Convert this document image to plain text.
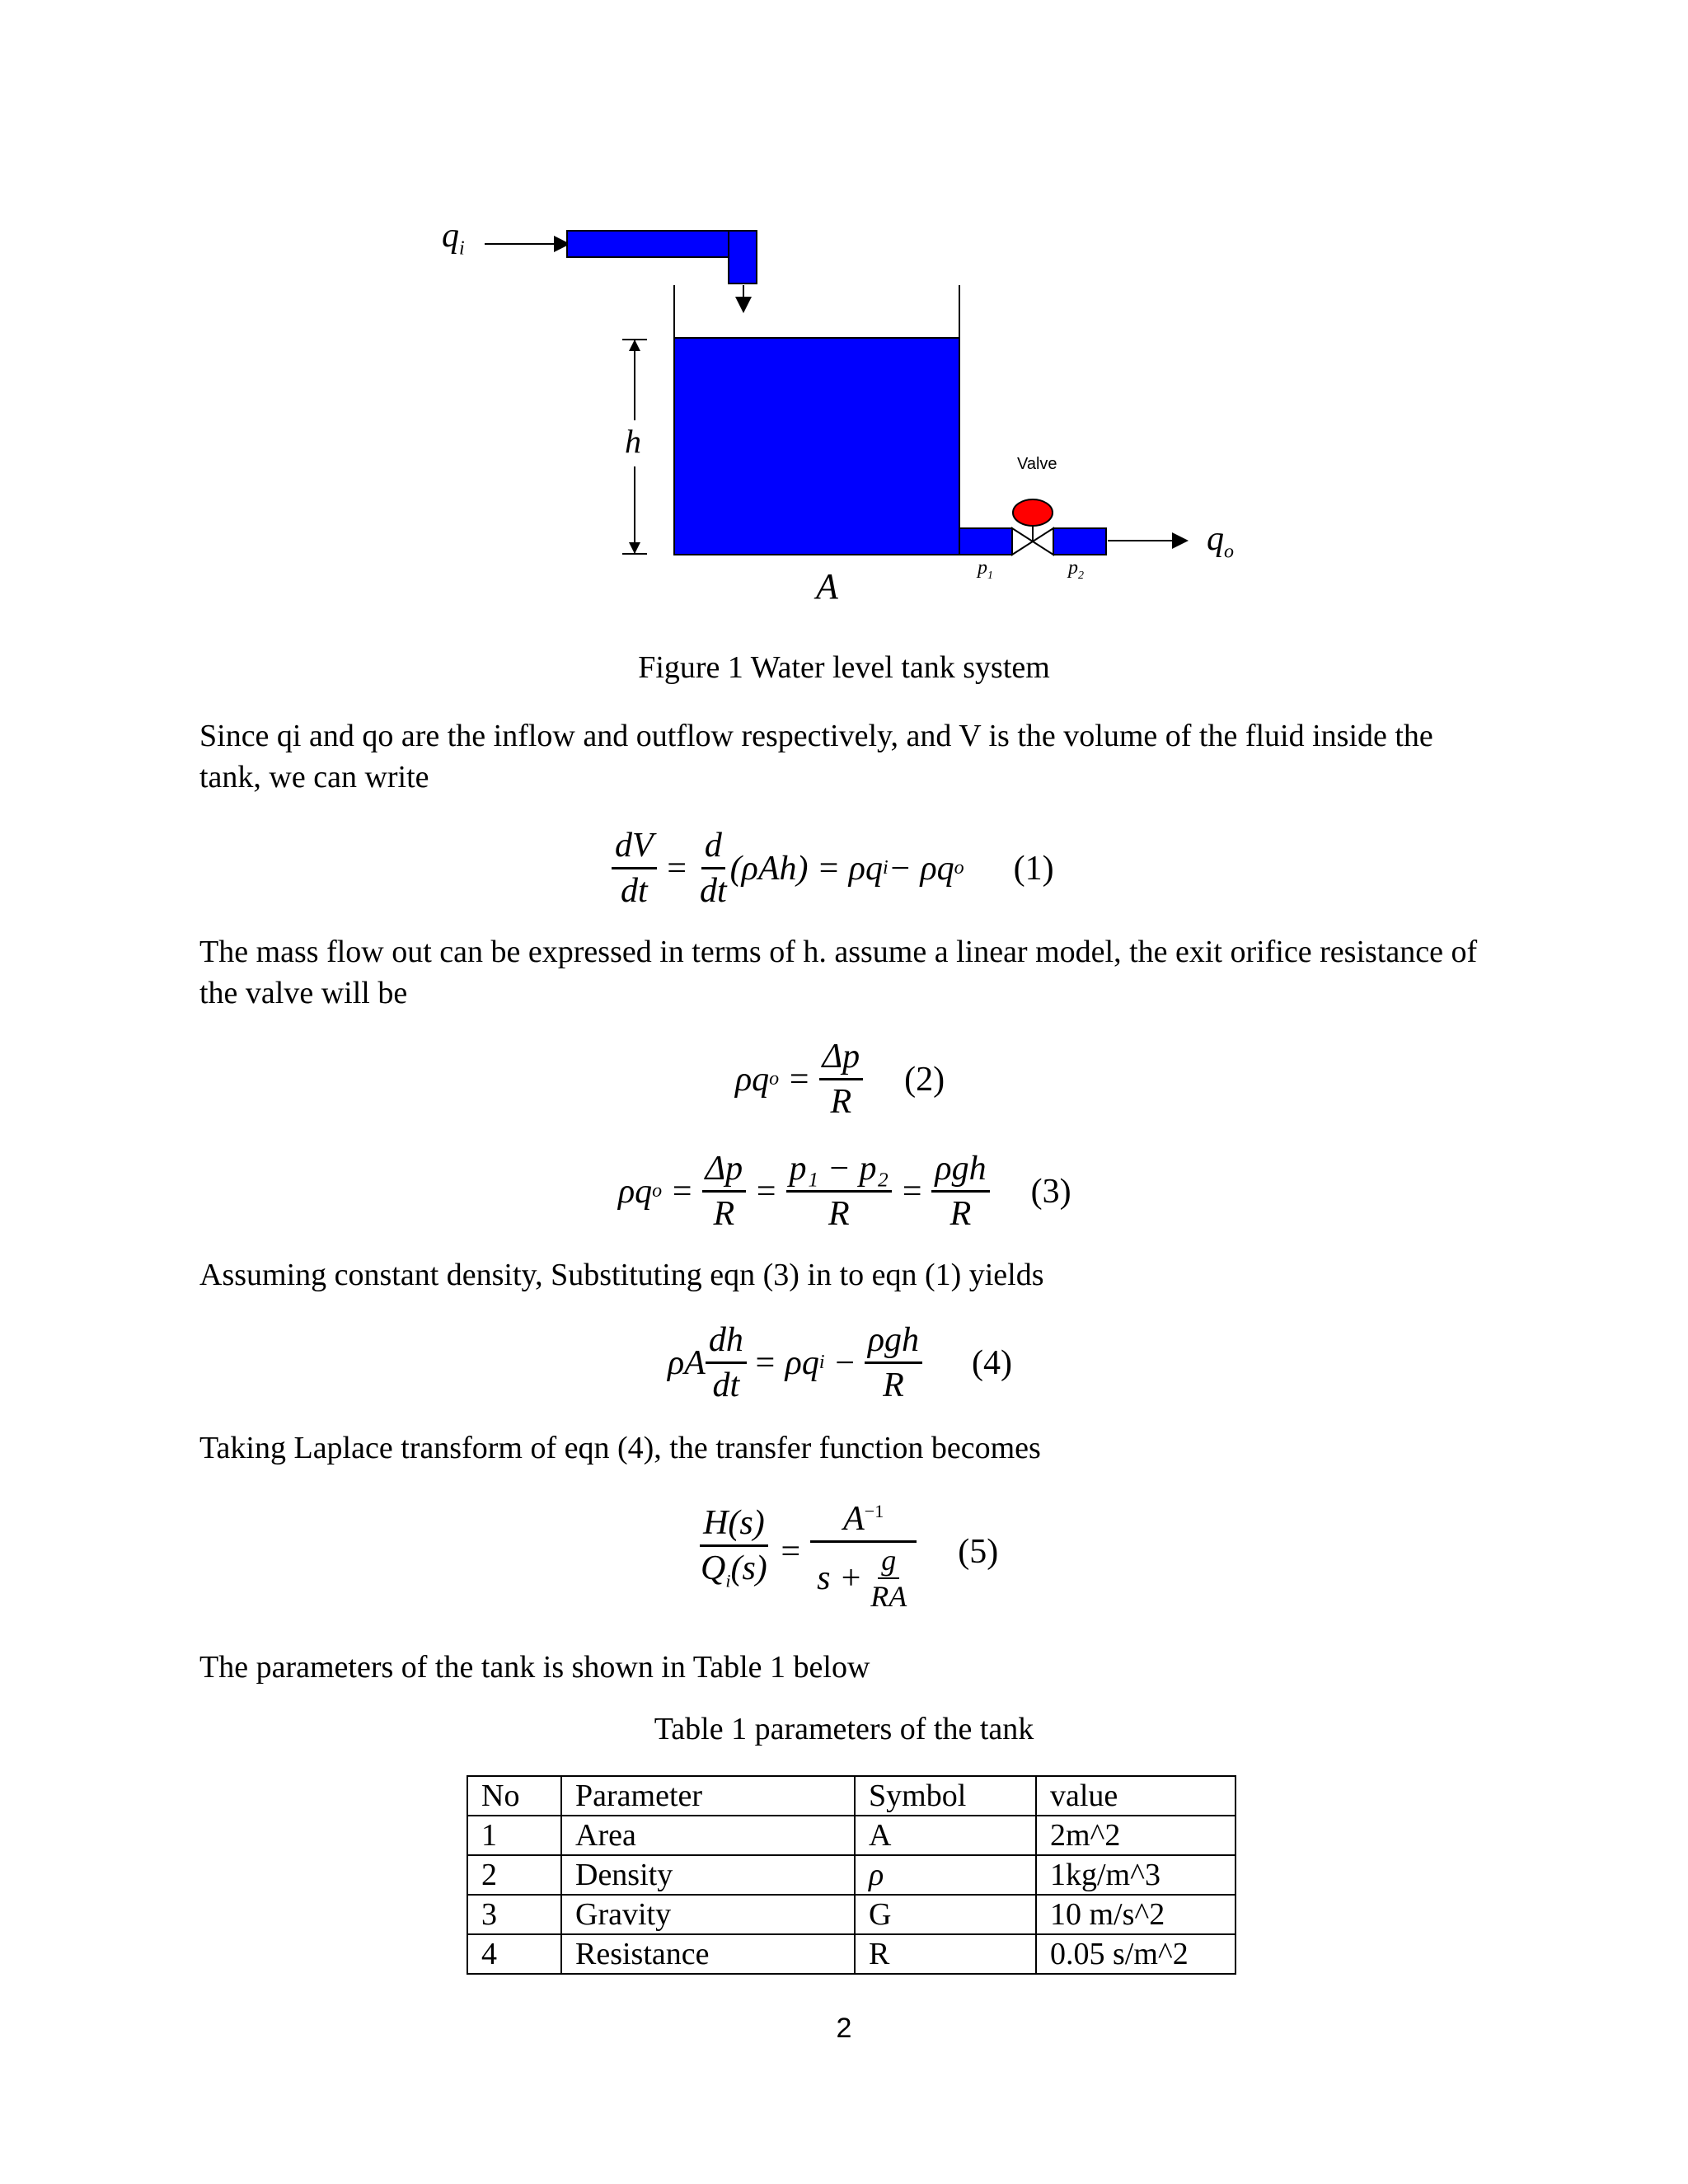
$q_i$
h
Valve
$q_o$
$p_1$	$p_2$
A
Figure 1 Water level tank system
Since qi and qo are the inflow and outflow respectively, and V is the volume of the fluid inside the tank, we can write
$\frac{dV}{dt} = \frac{d}{dt} (\rho Ah) = \rho q$ i − ρq o (1)
The mass flow out can be expressed in terms of h. assume a linear model, the exit orifice resistance of the valve will be
ρq $o = \frac{\Delta p}{R} (2)$
ρq $o = \frac{\Delta p}{R} = \frac{\text{p₁ − p₂}}{R} = \frac{\text{ρgh}}{R} (3)$
Assuming constant density, Substituting eqn (3) in to eqn (1) yields
ρA $\frac{dh}{dt} = \rho q$ $i - \frac{\text{ρgh}}{R} (4)$
Taking Laplace transform of eqn (4), the transfer function becomes
$\frac{H(s)}{Q_i(s)} = \frac{A^{-1}}{s + \frac{g}{RA}} (5)$
The parameters of the tank is shown in Table 1 below
Table 1 parameters of the tank
No	Parameter	Symbol	value
1	Area	A	2m^2
2	Density	ρ	1kg/m^3
3	Gravity	G	10 m/s^2
4	Resistance	R	0.05 s/m^2
2
